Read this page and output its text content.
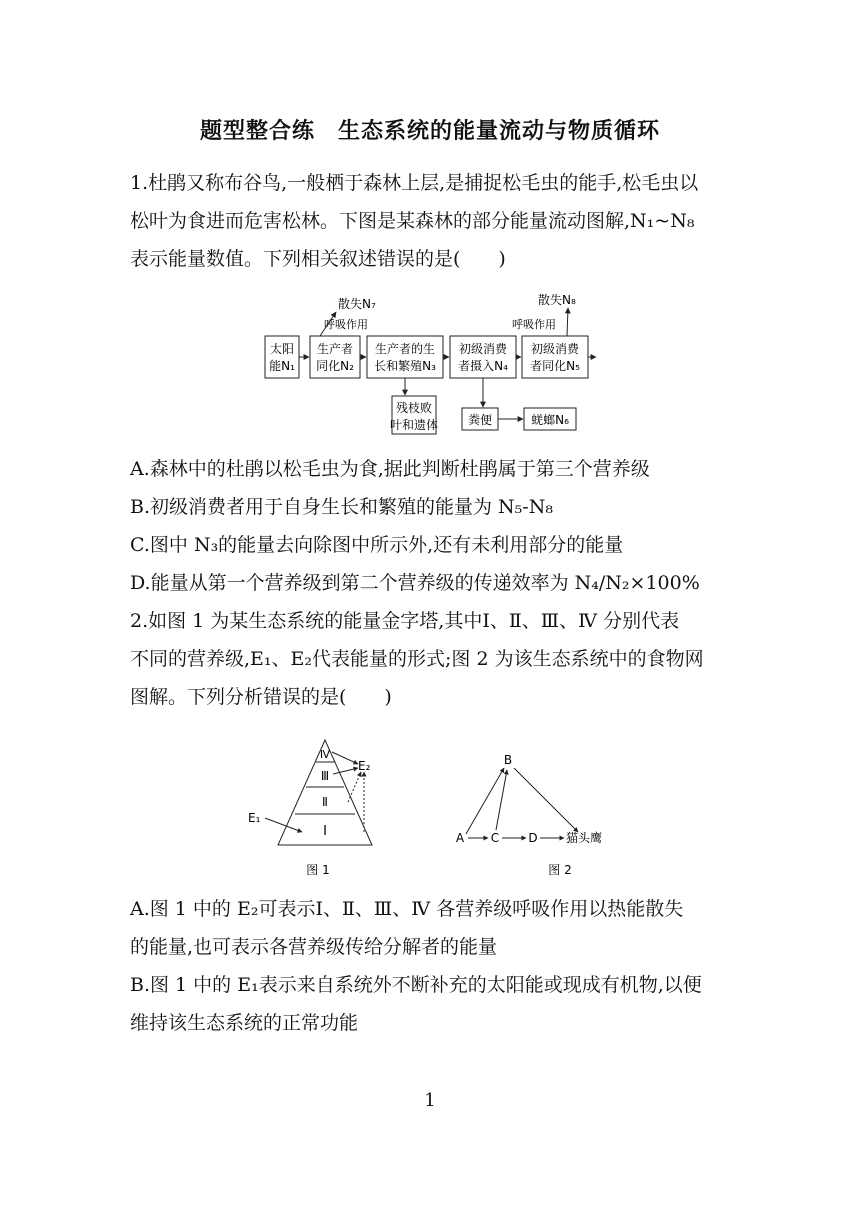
题型整合练　生态系统的能量流动与物质循环
1.杜鹃又称布谷鸟,一般栖于森林上层,是捕捉松毛虫的能手,松毛虫以
松叶为食进而危害松林。下图是某森林的部分能量流动图解,N₁~N₈
表示能量数值。下列相关叙述错误的是(　　)
太阳
能N₁
生产者
同化N₂
生产者的生
长和繁殖N₃
初级消费
者摄入N₄
初级消费
者同化N₅
残枝败
叶和遗体 粪便	蜣螂N₆
散失N₇
呼吸作用
散失N₈
呼吸作用
A.森林中的杜鹃以松毛虫为食,据此判断杜鹃属于第三个营养级
B.初级消费者用于自身生长和繁殖的能量为 N₅-N₈
C.图中 N₃的能量去向除图中所示外,还有未利用部分的能量
D.能量从第一个营养级到第二个营养级的传递效率为 N₄/N₂×100%
2.如图 1 为某生态系统的能量金字塔,其中Ⅰ、Ⅱ、Ⅲ、Ⅳ 分别代表
不同的营养级,E₁、E₂代表能量的形式;图 2 为该生态系统中的食物网
图解。下列分析错误的是(　　)
Ⅳ
Ⅲ
Ⅱ
Ⅰ
E₁
E₂
图 1
A
B
C D 猫头鹰
图 2
A.图 1 中的 E₂可表示Ⅰ、Ⅱ、Ⅲ、Ⅳ 各营养级呼吸作用以热能散失
的能量,也可表示各营养级传给分解者的能量
B.图 1 中的 E₁表示来自系统外不断补充的太阳能或现成有机物,以便
维持该生态系统的正常功能
1
